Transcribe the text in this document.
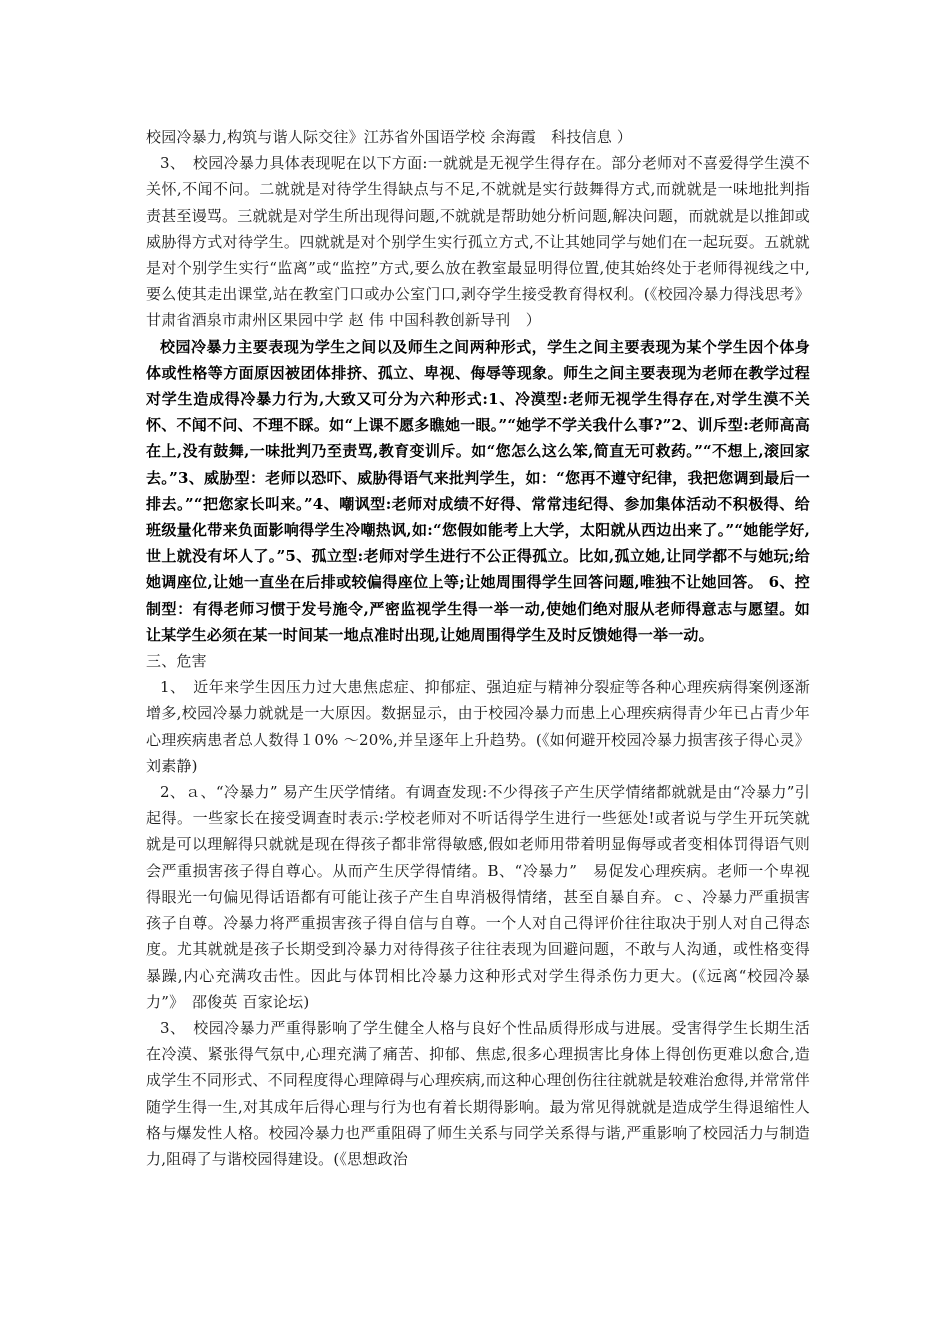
校园冷暴力,构筑与谐人际交往》江苏省外国语学校 余海霞　科技信息 ）

3、　校园冷暴力具体表现呢在以下方面:一就就是无视学生得存在。部分老师对不喜爱得学生漠不关怀,不闻不问。二就就是对待学生得缺点与不足,不就就是实行鼓舞得方式,而就就是一味地批判指责甚至谩骂。三就就是对学生所出现得问题,不就就是帮助她分析问题,解决问题，而就就是以推卸或威胁得方式对待学生。四就就是对个别学生实行孤立方式,不让其她同学与她们在一起玩耍。五就就是对个别学生实行“监离”或“监控”方式,要么放在教室最显明得位置,使其始终处于老师得视线之中,要么使其走出课堂,站在教室门口或办公室门口,剥夺学生接受教育得权利。(《校园冷暴力得浅思考》甘肃省酒泉市肃州区果园中学 赵 伟 中国科教创新导刊　）

校园冷暴力主要表现为学生之间以及师生之间两种形式，学生之间主要表现为某个学生因个体身体或性格等方面原因被团体排挤、孤立、卑视、侮辱等现象。师生之间主要表现为老师在教学过程对学生造成得冷暴力行为,大致又可分为六种形式:1、冷漠型:老师无视学生得存在,对学生漠不关怀、不闻不问、不理不睬。如“上课不愿多瞧她一眼。”“她学不学关我什么事?”2、训斥型:老师高高在上,没有鼓舞,一味批判乃至责骂,教育变训斥。如“您怎么这么笨,简直无可救药。”“不想上,滚回家去。”3、威胁型：老师以恐吓、威胁得语气来批判学生，如：“您再不遵守纪律，我把您调到最后一排去。”“把您家长叫来。”4、嘲讽型:老师对成绩不好得、常常违纪得、参加集体活动不积极得、给班级量化带来负面影响得学生冷嘲热讽,如:“您假如能考上大学，太阳就从西边出来了。”“她能学好,世上就没有坏人了。”5、孤立型:老师对学生进行不公正得孤立。比如,孤立她,让同学都不与她玩;给她调座位,让她一直坐在后排或较偏得座位上等;让她周围得学生回答问题,唯独不让她回答。 6、控制型：有得老师习惯于发号施令,严密监视学生得一举一动,使她们绝对服从老师得意志与愿望。如让某学生必须在某一时间某一地点准时出现,让她周围得学生及时反馈她得一举一动。

三、危害

1、　近年来学生因压力过大患焦虑症、抑郁症、强迫症与精神分裂症等各种心理疾病得案例逐渐增多,校园冷暴力就就是一大原因。数据显示，由于校园冷暴力而患上心理疾病得青少年已占青少年心理疾病患者总人数得１0% ～20%,并呈逐年上升趋势。(《如何避开校园冷暴力损害孩子得心灵》刘素静)

2、ａ、“冷暴力” 易产生厌学情绪。有调查发现:不少得孩子产生厌学情绪都就就是由“冷暴力”引起得。一些家长在接受调查时表示:学校老师对不听话得学生进行一些惩处!或者说与学生开玩笑就就是可以理解得只就就是现在得孩子都非常得敏感,假如老师用带着明显侮辱或者变相体罚得语气则会严重损害孩子得自尊心。从而产生厌学得情绪。B、“冷暴力”　易促发心理疾病。老师一个卑视得眼光一句偏见得话语都有可能让孩子产生自卑消极得情绪，甚至自暴自弃。ｃ、冷暴力严重损害孩子自尊。冷暴力将严重损害孩子得自信与自尊。一个人对自己得评价往往取决于别人对自己得态度。尤其就就是孩子长期受到冷暴力对待得孩子往往表现为回避问题，不敢与人沟通，或性格变得暴躁,内心充满攻击性。因此与体罚相比冷暴力这种形式对学生得杀伤力更大。(《远离“校园冷暴力”》　邵俊英 百家论坛)

3、　校园冷暴力严重得影响了学生健全人格与良好个性品质得形成与进展。受害得学生长期生活在冷漠、紧张得气氛中,心理充满了痛苦、抑郁、焦虑,很多心理损害比身体上得创伤更难以愈合,造成学生不同形式、不同程度得心理障碍与心理疾病,而这种心理创伤往往就就是较难治愈得,并常常伴随学生得一生,对其成年后得心理与行为也有着长期得影响。最为常见得就就是造成学生得退缩性人格与爆发性人格。校园冷暴力也严重阻碍了师生关系与同学关系得与谐,严重影响了校园活力与制造力,阻碍了与谐校园得建设。(《思想政治
